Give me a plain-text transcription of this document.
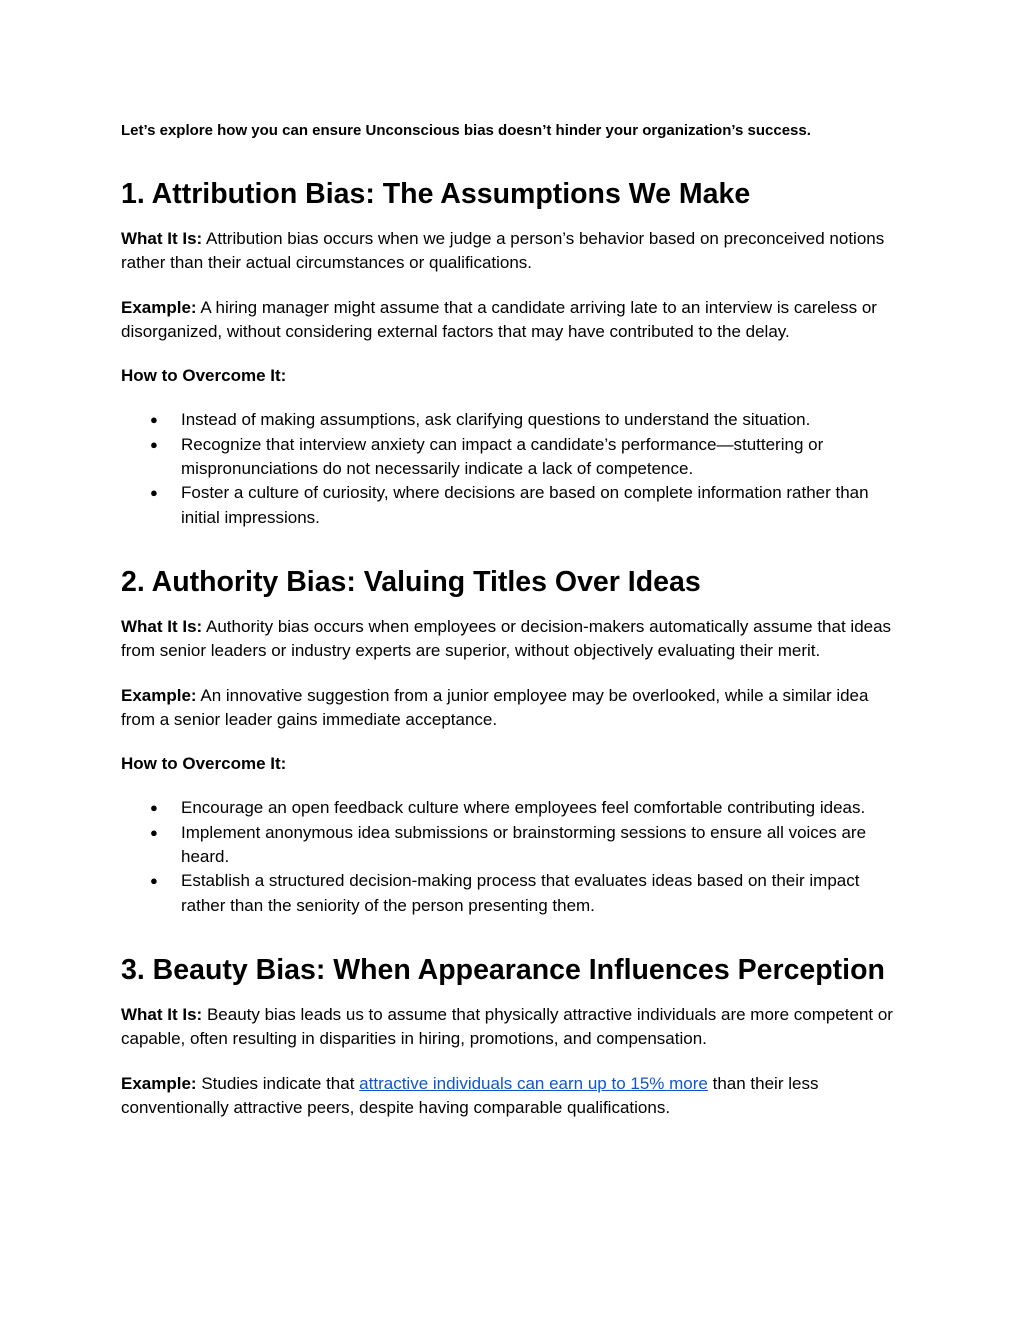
Let’s explore how you can ensure Unconscious bias doesn’t hinder your organization’s success.

1. Attribution Bias: The Assumptions We Make

What It Is: Attribution bias occurs when we judge a person’s behavior based on preconceived notions rather than their actual circumstances or qualifications.

Example: A hiring manager might assume that a candidate arriving late to an interview is careless or disorganized, without considering external factors that may have contributed to the delay.

How to Overcome It:

● Instead of making assumptions, ask clarifying questions to understand the situation.
● Recognize that interview anxiety can impact a candidate’s performance—stuttering or mispronunciations do not necessarily indicate a lack of competence.
● Foster a culture of curiosity, where decisions are based on complete information rather than initial impressions.
2. Authority Bias: Valuing Titles Over Ideas

What It Is: Authority bias occurs when employees or decision-makers automatically assume that ideas from senior leaders or industry experts are superior, without objectively evaluating their merit.

Example: An innovative suggestion from a junior employee may be overlooked, while a similar idea from a senior leader gains immediate acceptance.

How to Overcome It:

● Encourage an open feedback culture where employees feel comfortable contributing ideas.
● Implement anonymous idea submissions or brainstorming sessions to ensure all voices are heard.
● Establish a structured decision-making process that evaluates ideas based on their impact rather than the seniority of the person presenting them.
3. Beauty Bias: When Appearance Influences Perception

What It Is: Beauty bias leads us to assume that physically attractive individuals are more competent or capable, often resulting in disparities in hiring, promotions, and compensation.

Example: Studies indicate that attractive individuals can earn up to 15% more than their less conventionally attractive peers, despite having comparable qualifications.
